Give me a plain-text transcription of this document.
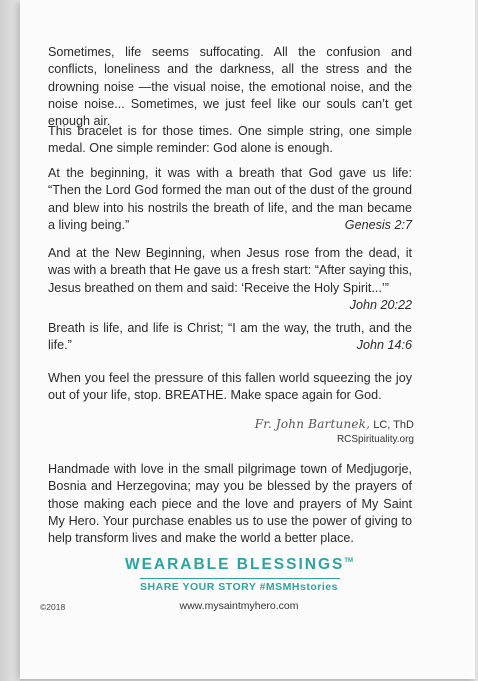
Sometimes, life seems suffocating. All the confusion and conflicts, loneliness and the darkness, all the stress and the drowning noise —the visual noise, the emotional noise, and the noise noise... Sometimes, we just feel like our souls can’t get enough air.

This bracelet is for those times. One simple string, one simple medal. One simple reminder: God alone is enough.

At the beginning, it was with a breath that God gave us life: “Then the Lord God formed the man out of the dust of the ground and blew into his nostrils the breath of life, and the man became a living being.”	Genesis 2:7

And at the New Beginning, when Jesus rose from the dead, it was with a breath that He gave us a fresh start: “After saying this, Jesus breathed on them and said: ‘Receive the Holy Spirit...’”
John 20:22

Breath is life, and life is Christ; “I am the way, the truth, and the life.”	John 14:6

When you feel the pressure of this fallen world squeezing the joy out of your life, stop. BREATHE. Make space again for God.

Fr. John Bartunek, LC, ThD
RCSpirituality.org

Handmade with love in the small pilgrimage town of Medjugorje, Bosnia and Herzegovina; may you be blessed by the prayers of those making each piece and the love and prayers of My Saint My Hero. Your purchase enables us to use the power of giving to help transform lives and make the world a better place.

WEARABLE BLESSINGS™
SHARE YOUR STORY #MSMHstories
©2018	www.mysaintmyhero.com
